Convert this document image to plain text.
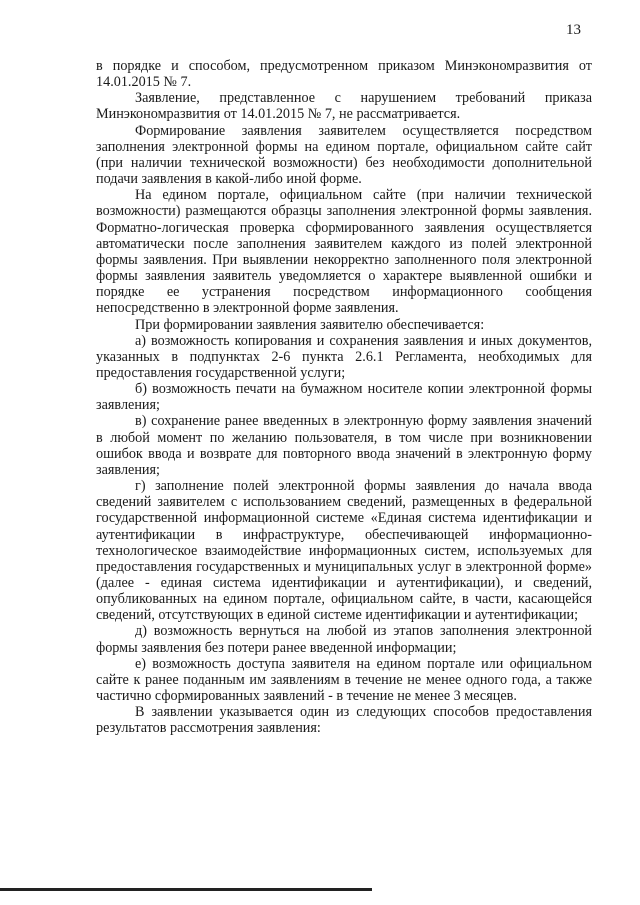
13

в порядке и способом, предусмотренном приказом Минэкономразвития от 14.01.2015 № 7.

Заявление, представленное с нарушением требований приказа Минэкономразвития от 14.01.2015 № 7, не рассматривается.

Формирование заявления заявителем осуществляется посредством заполнения электронной формы на едином портале, официальном сайте сайт (при наличии технической возможности) без необходимости дополнительной подачи заявления в какой-либо иной форме.

На едином портале, официальном сайте (при наличии технической возможности) размещаются образцы заполнения электронной формы заявления. Форматно-логическая проверка сформированного заявления осуществляется автоматически после заполнения заявителем каждого из полей электронной формы заявления. При выявлении некорректно заполненного поля электронной формы заявления заявитель уведомляется о характере выявленной ошибки и порядке ее устранения посредством информационного сообщения непосредственно в электронной форме заявления.

При формировании заявления заявителю обеспечивается:

а) возможность копирования и сохранения заявления и иных документов, указанных в подпунктах 2-6 пункта 2.6.1 Регламента, необходимых для предоставления государственной услуги;

б) возможность печати на бумажном носителе копии электронной формы заявления;

в) сохранение ранее введенных в электронную форму заявления значений в любой момент по желанию пользователя, в том числе при возникновении ошибок ввода и возврате для повторного ввода значений в электронную форму заявления;

г) заполнение полей электронной формы заявления до начала ввода сведений заявителем с использованием сведений, размещенных в федеральной государственной информационной системе «Единая система идентификации и аутентификации в инфраструктуре, обеспечивающей информационно-технологическое взаимодействие информационных систем, используемых для предоставления государственных и муниципальных услуг в электронной форме» (далее - единая система идентификации и аутентификации), и сведений, опубликованных на едином портале, официальном сайте, в части, касающейся сведений, отсутствующих в единой системе идентификации и аутентификации;

д) возможность вернуться на любой из этапов заполнения электронной формы заявления без потери ранее введенной информации;

е) возможность доступа заявителя на едином портале или официальном сайте к ранее поданным им заявлениям в течение не менее одного года, а также частично сформированных заявлений - в течение не менее 3 месяцев.

В заявлении указывается один из следующих способов предоставления результатов рассмотрения заявления:
